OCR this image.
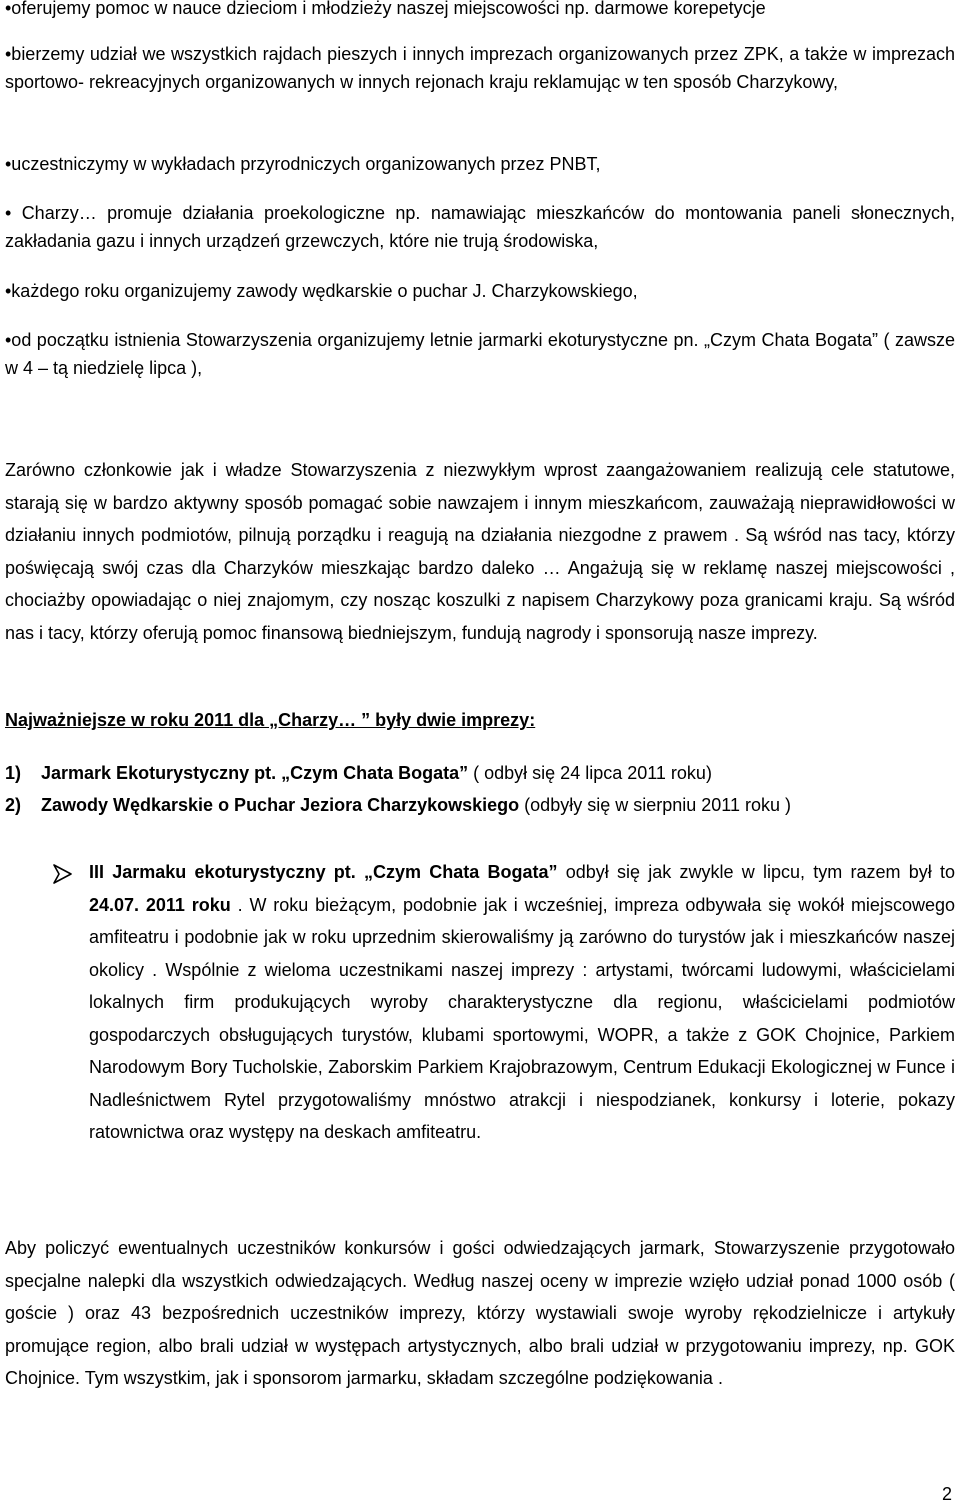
•oferujemy pomoc w nauce dzieciom i młodzieży naszej miejscowości np. darmowe korepetycje

•bierzemy udział we wszystkich rajdach pieszych i innych imprezach organizowanych przez ZPK, a także w imprezach sportowo- rekreacyjnych organizowanych w innych rejonach kraju reklamując w ten sposób Charzykowy,

•uczestniczymy w wykładach przyrodniczych organizowanych przez PNBT,

• Charzy… promuje działania proekologiczne np. namawiając mieszkańców do montowania paneli słonecznych, zakładania gazu i innych urządzeń grzewczych, które nie trują środowiska,

•każdego roku organizujemy zawody wędkarskie o puchar J. Charzykowskiego,

•od początku istnienia Stowarzyszenia organizujemy letnie jarmarki ekoturystyczne pn. „Czym Chata Bogata” ( zawsze w 4 – tą niedzielę lipca ),

Zarówno członkowie jak i władze Stowarzyszenia z niezwykłym wprost zaangażowaniem realizują cele statutowe, starają się w bardzo aktywny sposób pomagać sobie nawzajem i innym mieszkańcom, zauważają nieprawidłowości w działaniu innych podmiotów, pilnują porządku i reagują na działania niezgodne z prawem . Są wśród nas tacy, którzy poświęcają swój czas dla Charzyków mieszkając bardzo daleko … Angażują się w reklamę naszej miejscowości , chociażby opowiadając o niej znajomym, czy nosząc koszulki z napisem Charzykowy poza granicami kraju. Są wśród nas i tacy, którzy oferują pomoc finansową biedniejszym, fundują nagrody i sponsorują nasze imprezy.

Najważniejsze w roku 2011 dla „Charzy… ” były dwie imprezy:

1) Jarmark Ekoturystyczny pt. „Czym Chata Bogata” ( odbył się 24 lipca 2011 roku)

2) Zawody Wędkarskie o Puchar Jeziora Charzykowskiego (odbyły się w sierpniu 2011 roku )

III Jarmaku ekoturystyczny pt. „Czym Chata Bogata” odbył się jak zwykle w lipcu, tym razem był to 24.07. 2011 roku . W roku bieżącym, podobnie jak i wcześniej, impreza odbywała się wokół miejscowego amfiteatru i podobnie jak w roku uprzednim skierowaliśmy ją zarówno do turystów jak i mieszkańców naszej okolicy . Wspólnie z wieloma uczestnikami naszej imprezy : artystami, twórcami ludowymi, właścicielami lokalnych firm produkujących wyroby charakterystyczne dla regionu, właścicielami podmiotów gospodarczych obsługujących turystów, klubami sportowymi, WOPR, a także z GOK Chojnice, Parkiem Narodowym Bory Tucholskie, Zaborskim Parkiem Krajobrazowym, Centrum Edukacji Ekologicznej w Funce i Nadleśnictwem Rytel przygotowaliśmy mnóstwo atrakcji i niespodzianek, konkursy i loterie, pokazy ratownictwa oraz występy na deskach amfiteatru.

Aby policzyć ewentualnych uczestników konkursów i gości odwiedzających jarmark, Stowarzyszenie przygotowało specjalne nalepki dla wszystkich odwiedzających. Według naszej oceny w imprezie wzięło udział ponad 1000 osób ( goście ) oraz 43 bezpośrednich uczestników imprezy, którzy wystawiali swoje wyroby rękodzielnicze i artykuły promujące region, albo brali udział w występach artystycznych, albo brali udział w przygotowaniu imprezy, np. GOK Chojnice. Tym wszystkim, jak i sponsorom jarmarku, składam szczególne podziękowania .

2
